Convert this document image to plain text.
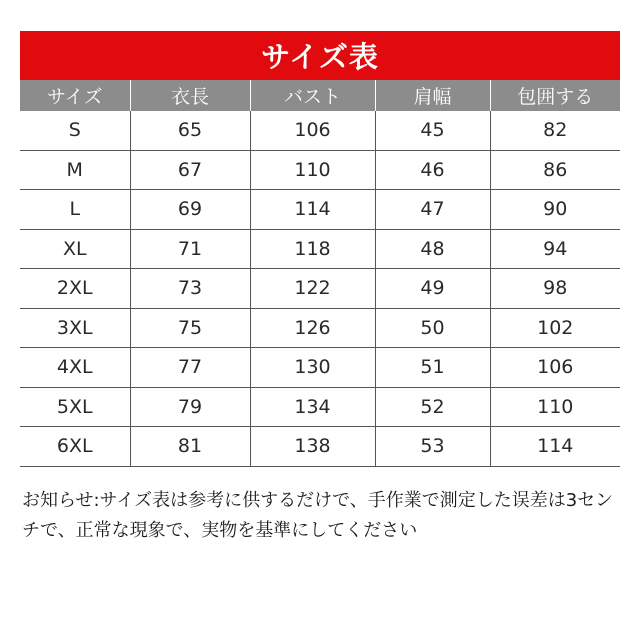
サイズ表
サイズ	衣長	バスト	肩幅	包囲する
S	65	106	45	82
M	67	110	46	86
L	69	114	47	90
XL	71	118	48	94
2XL	73	122	49	98
3XL	75	126	50	102
4XL	77	130	51	106
5XL	79	134	52	110
6XL	81	138	53	114
お知らせ:サイズ表は参考に供するだけで、手作業で測定した误差は3センチで、正常な現象で、実物を基準にしてください
